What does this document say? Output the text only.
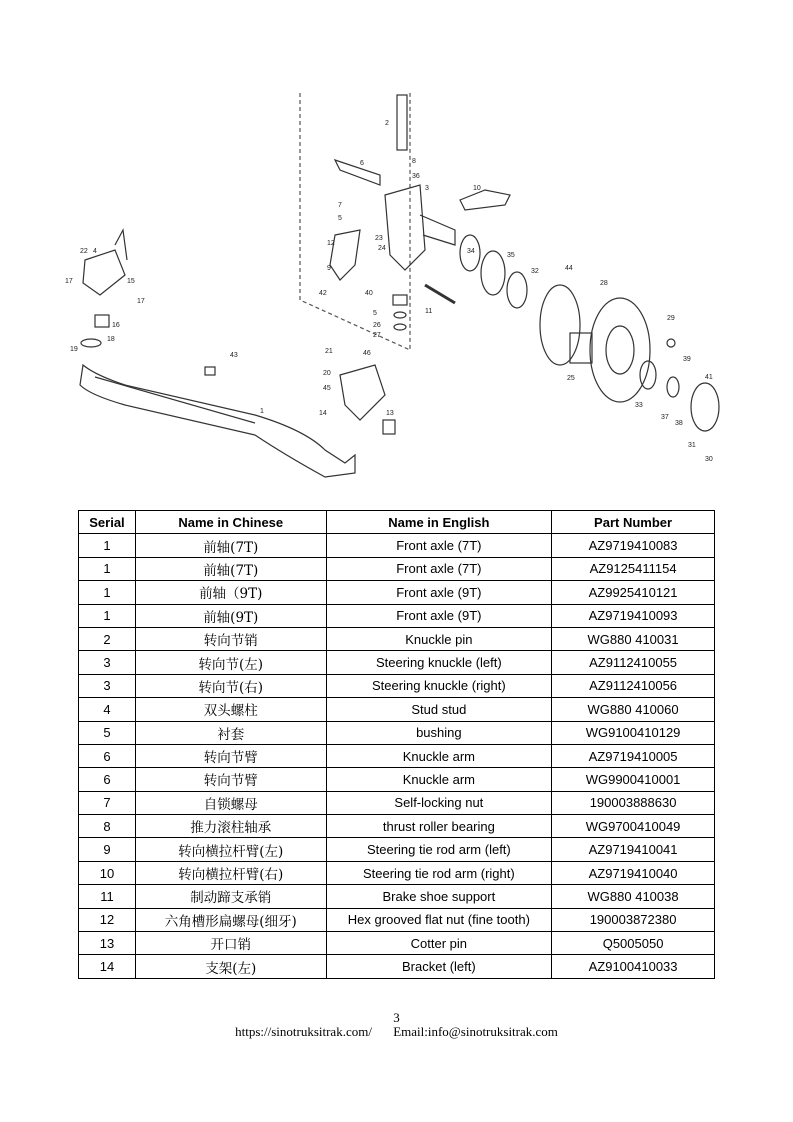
1
2
3
34
35
32	44
28
29
25
33
37
38
39
41
31
30
10
11
6	8
36
7
5
12
23
24
9
42	40
5
26
27
21	46
20
45
14	13
43
22 4
17	15
17
16
18
19
Serial	Name in Chinese	Name in English	Part Number
1	前轴(7T)	Front axle (7T)	AZ9719410083
1	前轴(7T)	Front axle (7T)	AZ9125411154
1	前轴（9T)	Front axle (9T)	AZ9925410121
1	前轴(9T)	Front axle (9T)	AZ9719410093
2	转向节销	Knuckle pin	WG880 410031
3	转向节(左)	Steering knuckle (left)	AZ9112410055
3	转向节(右)	Steering knuckle (right)	AZ9112410056
4	双头螺柱	Stud stud	WG880 410060
5	衬套	bushing	WG9100410129
6	转向节臂	Knuckle arm	AZ9719410005
6	转向节臂	Knuckle arm	WG9900410001
7	自锁螺母	Self-locking nut	190003888630
8	推力滚柱轴承	thrust roller bearing	WG9700410049
9	转向横拉杆臂(左)	Steering tie rod arm (left)	AZ9719410041
10	转向横拉杆臂(右)	Steering tie rod arm (right)	AZ9719410040
11	制动蹄支承销	Brake shoe support	WG880 410038
12	六角槽形扁螺母(细牙)	Hex grooved flat nut (fine tooth)	190003872380
13	开口销	Cotter pin	Q5005050
14	支架(左)	Bracket (left)	AZ9100410033
3
https://sinotruksitrak.com/ Email:info@sinotruksitrak.com
